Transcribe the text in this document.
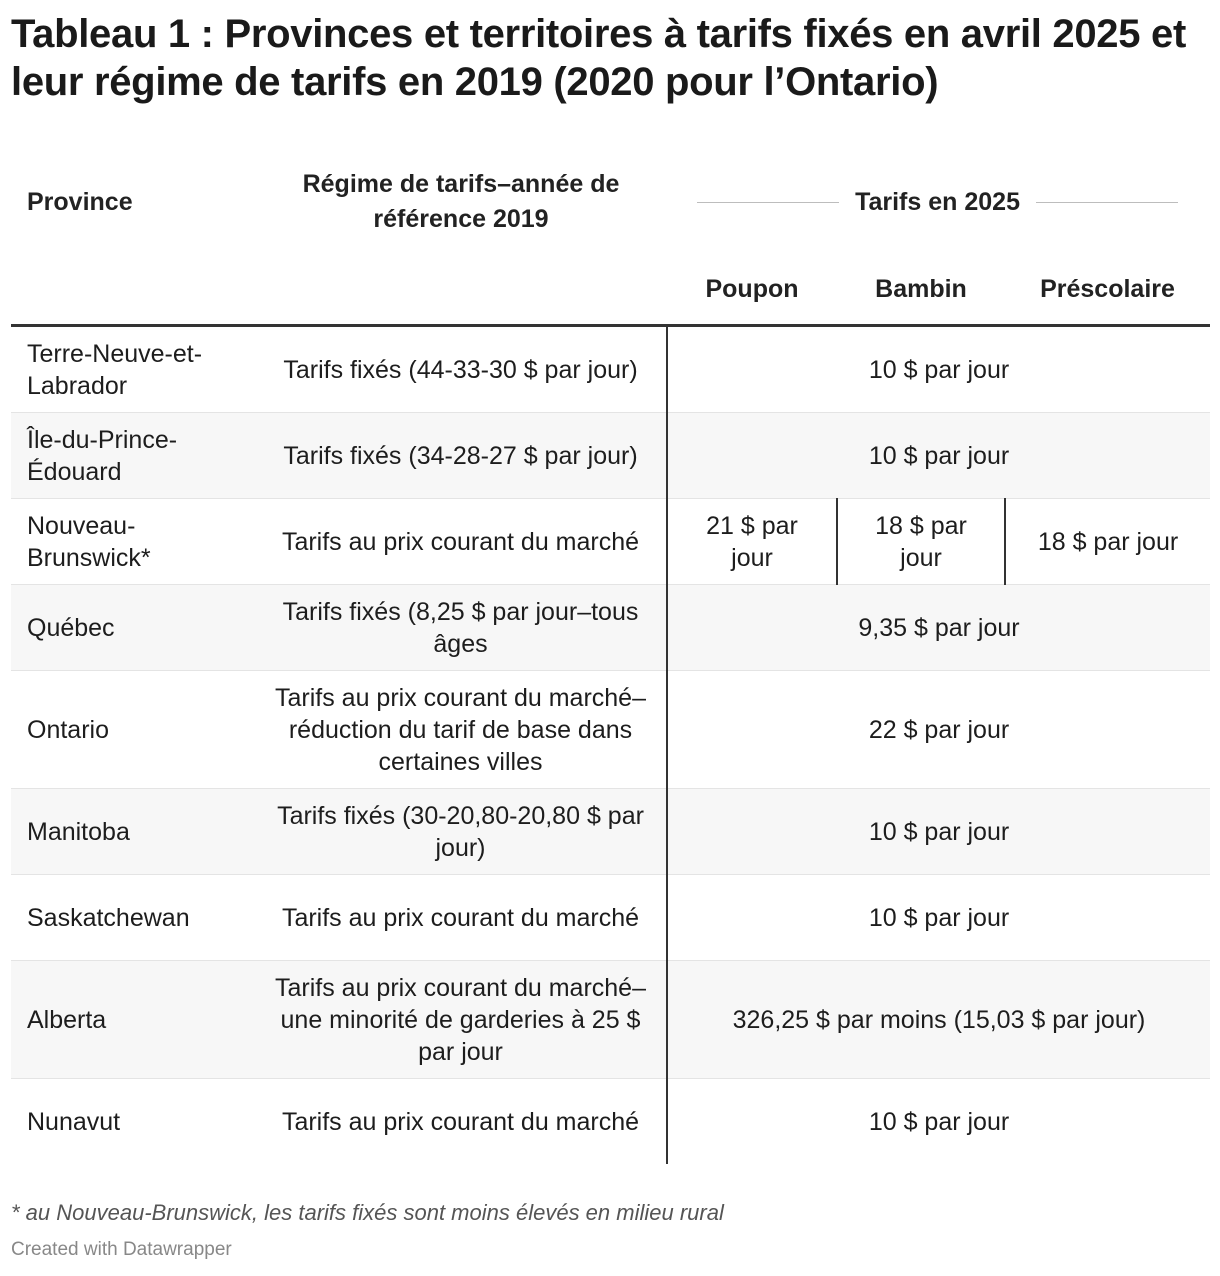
Tableau 1 : Provinces et territoires à tarifs fixés en avril 2025 et leur régime de tarifs en 2019 (2020 pour l’Ontario)
Province	Régime de tarifs–année de référence 2019	Tarifs en 2025		

		Poupon	Bambin	Préscolaire
Terre-Neuve-et-Labrador	Tarifs fixés (44-33-30 $ par jour)	10 $ par jour		
Île-du-Prince-Édouard	Tarifs fixés (34-28-27 $ par jour)	10 $ par jour		
Nouveau-Brunswick*	Tarifs au prix courant du marché	21 $ par jour	18 $ par jour	18 $ par jour
Québec	Tarifs fixés (8,25 $ par jour–tous âges	9,35 $ par jour		
Ontario	Tarifs au prix courant du marché–réduction du tarif de base dans certaines villes	22 $ par jour		
Manitoba	Tarifs fixés (30-20,80-20,80 $ par jour)	10 $ par jour		
Saskatchewan	Tarifs au prix courant du marché	10 $ par jour		
Alberta	Tarifs au prix courant du marché–une minorité de garderies à 25 $ par jour	326,25 $ par moins (15,03 $ par jour)		
Nunavut	Tarifs au prix courant du marché	10 $ par jour		

* au Nouveau-Brunswick, les tarifs fixés sont moins élevés en milieu rural

Created with Datawrapper
